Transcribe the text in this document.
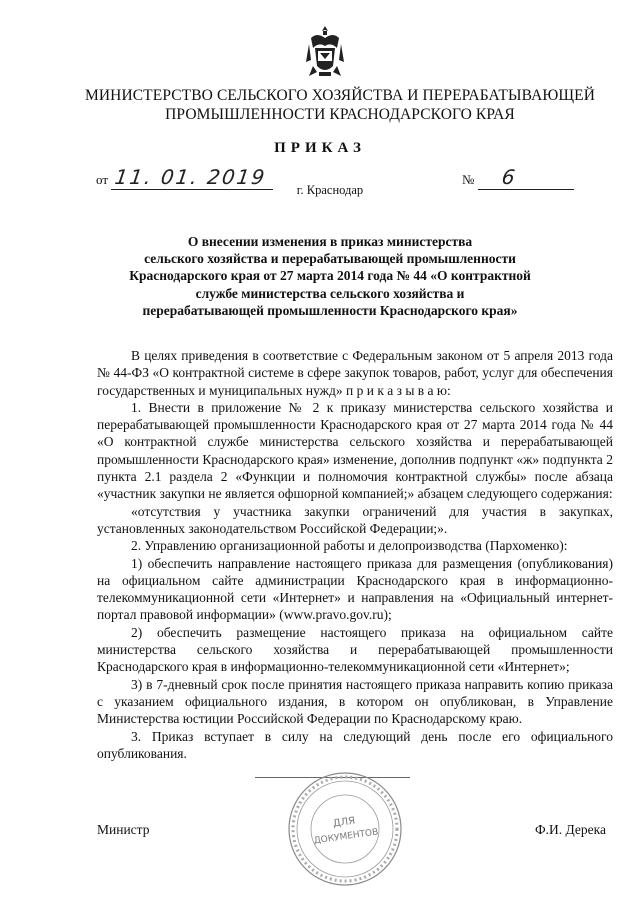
МИНИСТЕРСТВО СЕЛЬСКОГО ХОЗЯЙСТВА И ПЕРЕРАБАТЫВАЮЩЕЙ
ПРОМЫШЛЕННОСТИ КРАСНОДАРСКОГО КРАЯ
ПРИКАЗ
от 11. 01. 2019	№ 6
г. Краснодар
О внесении изменения в приказ министерства
сельского хозяйства и перерабатывающей промышленности
Краснодарского края от 27 марта 2014 года № 44 «О контрактной
службе министерства сельского хозяйства и
перерабатывающей промышленности Краснодарского края»

В целях приведения в соответствие с Федеральным законом от 5 апреля 2013 года № 44-ФЗ «О контрактной системе в сфере закупок товаров, работ, услуг для обеспечения государственных и муниципальных нужд» п р и к а з ы в а ю:

1. Внести в приложение № 2 к приказу министерства сельского хозяйства и перерабатывающей промышленности Краснодарского края от 27 марта 2014 года № 44 «О контрактной службе министерства сельского хозяйства и перерабатывающей промышленности Краснодарского края» изменение, дополнив подпункт «ж» подпункта 2 пункта 2.1 раздела 2 «Функции и полномочия контрактной службы» после абзаца «участник закупки не является офшорной компанией;» абзацем следующего содержания:

«отсутствия у участника закупки ограничений для участия в закупках, установленных законодательством Российской Федерации;».

2. Управлению организационной работы и делопроизводства (Пархоменко):

1) обеспечить направление настоящего приказа для размещения (опубликования) на официальном сайте администрации Краснодарского края в информационно-телекоммуникационной сети «Интернет» и направления на «Официальный интернет-портал правовой информации» (www.pravo.gov.ru);

2) обеспечить размещение настоящего приказа на официальном сайте министерства сельского хозяйства и перерабатывающей промышленности Краснодарского края в информационно-телекоммуникационной сети «Интернет»;

3) в 7-дневный срок после принятия настоящего приказа направить копию приказа с указанием официального издания, в котором он опубликован, в Управление Министерства юстиции Российской Федерации по Краснодарскому краю.

3. Приказ вступает в силу на следующий день после его официального опубликования.

ДЛЯ
ДОКУМЕНТОВ
Министр	Ф.И. Дерека
